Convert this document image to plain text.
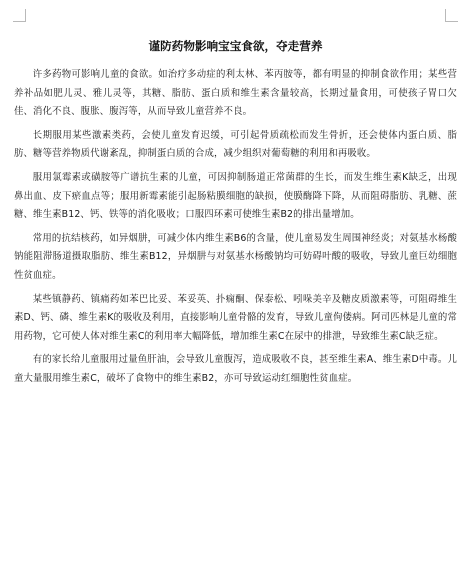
谨防药物影响宝宝食欲，夺走营养

许多药物可影响儿童的食欲。如治疗多动症的利太林、苯丙胺等，都有明显的抑制食欲作用；某些营养补品如肥儿灵、雅儿灵等，其糖、脂肪、蛋白质和维生素含量较高，长期过量食用，可使孩子胃口欠佳、消化不良、腹胀、腹泻等，从而导致儿童营养不良。

长期服用某些激素类药，会使儿童发育迟缓，可引起骨质疏松而发生骨折，还会使体内蛋白质、脂肪、糖等营养物质代谢紊乱，抑制蛋白质的合成，减少组织对葡萄糖的利用和再吸收。

服用氯霉素或磺胺等广谱抗生素的儿童，可因抑制肠道正常菌群的生长，而发生维生素K缺乏，出现鼻出血、皮下瘀血点等；服用新霉素能引起肠粘膜细胞的缺损，使膜酶降下降，从而阻碍脂肪、乳糖、蔗糖、维生素B12、钙、铁等的消化吸收；口服四环素可使维生素B2的排出量增加。

常用的抗结核药，如异烟肼，可减少体内维生素B6的含量，使儿童易发生周围神经炎；对氨基水杨酸钠能阻滞肠道摄取脂肪、维生素B12，异烟肼与对氨基水杨酸钠均可妨碍叶酸的吸收，导致儿童巨幼细胞性贫血症。

某些镇静药、镇痛药如苯巴比妥、苯妥英、扑痫酮、保泰松、吲哚美辛及糖皮质激素等，可阻碍维生素D、钙、磷、维生素K的吸收及利用，直接影响儿童骨骼的发育，导致儿童佝偻病。阿司匹林是儿童的常用药物，它可使人体对维生素C的利用率大幅降低，增加维生素C在尿中的排泄，导致维生素C缺乏症。

有的家长给儿童服用过量鱼肝油，会导致儿童腹泻，造成吸收不良，甚至维生素A、维生素D中毒。儿童大量服用维生素C，破坏了食物中的维生素B2，亦可导致运动红细胞性贫血症。
